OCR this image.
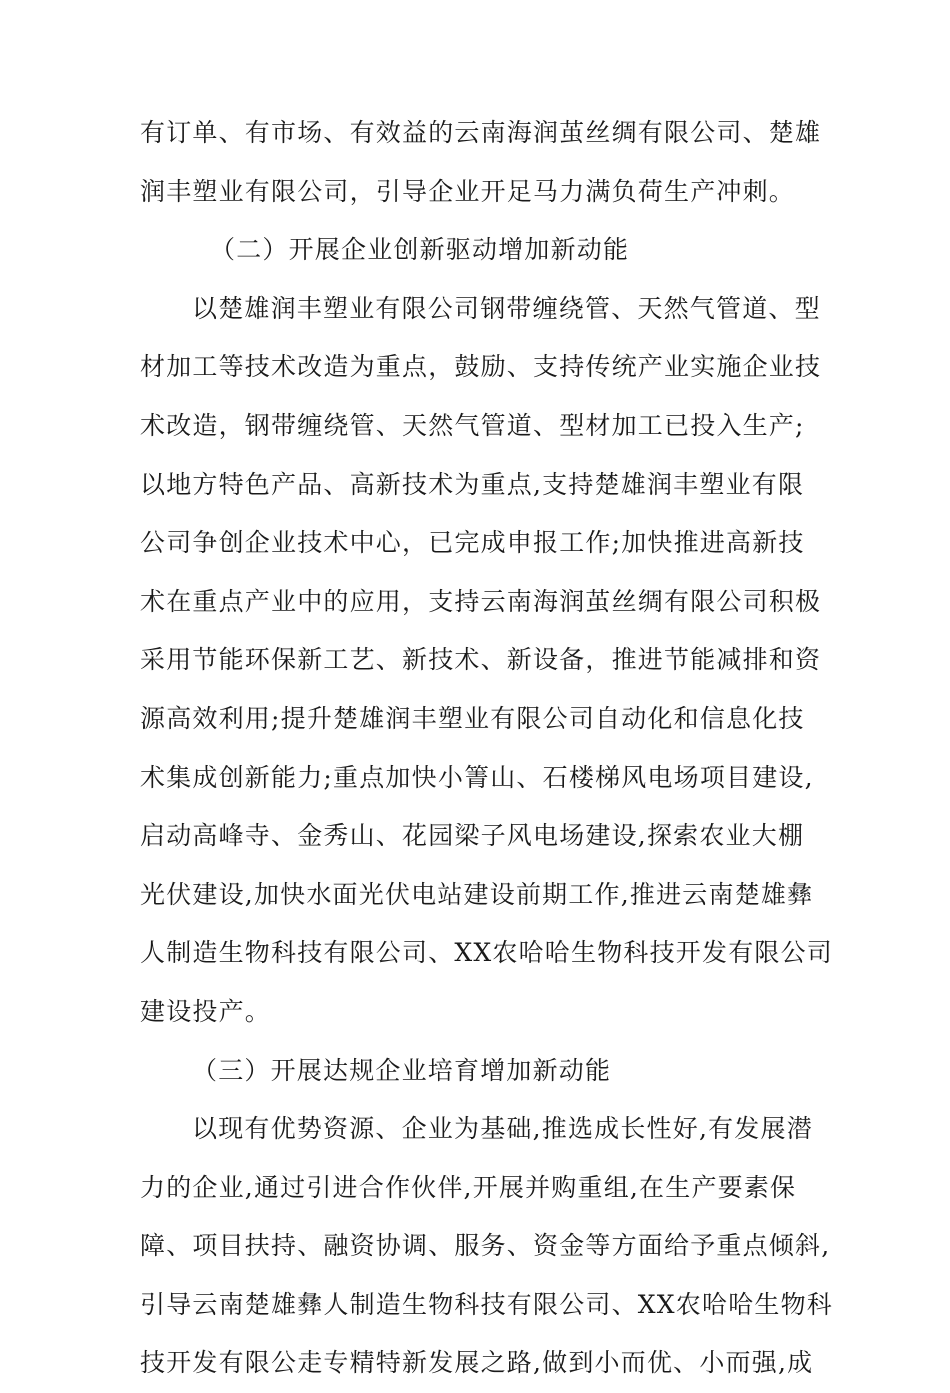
有订单、有市场、有效益的云南海润茧丝绸有限公司、楚雄
润丰塑业有限公司，引导企业开足马力满负荷生产冲刺。
（二）开展企业创新驱动增加新动能
以楚雄润丰塑业有限公司钢带缠绕管、天然气管道、型
材加工等技术改造为重点，鼓励、支持传统产业实施企业技
术改造，钢带缠绕管、天然气管道、型材加工已投入生产;
以地方特色产品、高新技术为重点,支持楚雄润丰塑业有限
公司争创企业技术中心，已完成申报工作;加快推进高新技
术在重点产业中的应用，支持云南海润茧丝绸有限公司积极
采用节能环保新工艺、新技术、新设备，推进节能减排和资
源高效利用;提升楚雄润丰塑业有限公司自动化和信息化技
术集成创新能力;重点加快小箐山、石楼梯风电场项目建设,
启动高峰寺、金秀山、花园梁子风电场建设,探索农业大棚
光伏建设,加快水面光伏电站建设前期工作,推进云南楚雄彝
人制造生物科技有限公司、XX农哈哈生物科技开发有限公司
建设投产。
（三）开展达规企业培育增加新动能
以现有优势资源、企业为基础,推选成长性好,有发展潜
力的企业,通过引进合作伙伴,开展并购重组,在生产要素保
障、项目扶持、融资协调、服务、资金等方面给予重点倾斜,
引导云南楚雄彝人制造生物科技有限公司、XX农哈哈生物科
技开发有限公走专精特新发展之路,做到小而优、小而强,成
